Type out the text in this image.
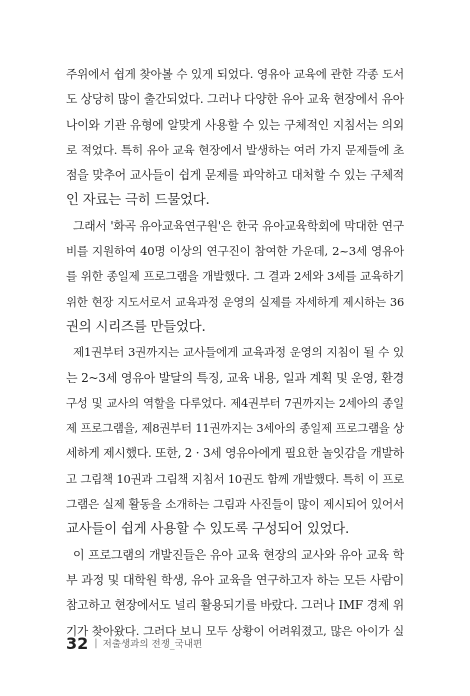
주위에서 쉽게 찾아볼 수 있게 되었다. 영유아 교육에 관한 각종 도서
도 상당히 많이 출간되었다. 그러나 다양한 유아 교육 현장에서 유아
나이와 기관 유형에 알맞게 사용할 수 있는 구체적인 지침서는 의외
로 적었다. 특히 유아 교육 현장에서 발생하는 여러 가지 문제들에 초
점을 맞추어 교사들이 쉽게 문제를 파악하고 대처할 수 있는 구체적
인 자료는 극히 드물었다.
그래서 '화곡 유아교육연구원'은 한국 유아교육학회에 막대한 연구
비를 지원하여 40명 이상의 연구진이 참여한 가운데, 2~3세 영유아
를 위한 종일제 프로그램을 개발했다. 그 결과 2세와 3세를 교육하기
위한 현장 지도서로서 교육과정 운영의 실제를 자세하게 제시하는 36
권의 시리즈를 만들었다.
제1권부터 3권까지는 교사들에게 교육과정 운영의 지침이 될 수 있
는 2~3세 영유아 발달의 특징, 교육 내용, 일과 계획 및 운영, 환경
구성 및 교사의 역할을 다루었다. 제4권부터 7권까지는 2세아의 종일
제 프로그램을, 제8권부터 11권까지는 3세아의 종일제 프로그램을 상
세하게 제시했다. 또한, 2 · 3세 영유아에게 필요한 놀잇감을 개발하
고 그림책 10권과 그림책 지침서 10권도 함께 개발했다. 특히 이 프로
그램은 실제 활동을 소개하는 그림과 사진들이 많이 제시되어 있어서
교사들이 쉽게 사용할 수 있도록 구성되어 있었다.
이 프로그램의 개발진들은 유아 교육 현장의 교사와 유아 교육 학
부 과정 및 대학원 학생, 유아 교육을 연구하고자 하는 모든 사람이
참고하고 현장에서도 널리 활용되기를 바랐다. 그러나 IMF 경제 위
기가 찾아왔다. 그러다 보니 모두 상황이 어려워졌고, 많은 아이가 실
32 | 저출생과의 전쟁_국내편
